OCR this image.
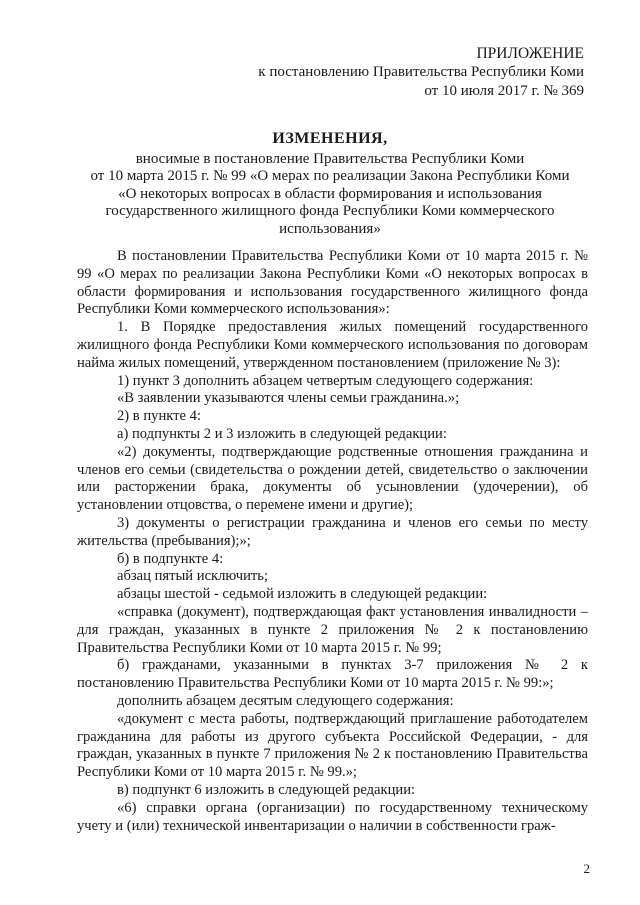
ПРИЛОЖЕНИЕ
к постановлению Правительства Республики Коми
от 10 июля 2017 г. № 369
ИЗМЕНЕНИЯ,
вносимые в постановление Правительства Республики Коми
от 10 марта 2015 г. № 99 «О мерах по реализации Закона Республики Коми
«О некоторых вопросах в области формирования и использования
государственного жилищного фонда Республики Коми коммерческого
использования»

В постановлении Правительства Республики Коми от 10 марта 2015 г. № 99 «О мерах по реализации Закона Республики Коми «О некоторых вопросах в области формирования и использования государственного жилищного фонда Республики Коми коммерческого использования»:

1. В Порядке предоставления жилых помещений государственного жилищного фонда Республики Коми коммерческого использования по договорам найма жилых помещений, утвержденном постановлением (приложение № 3):

1) пункт 3 дополнить абзацем четвертым следующего содержания:

«В заявлении указываются члены семьи гражданина.»;

2) в пункте 4:

а) подпункты 2 и 3 изложить в следующей редакции:

«2) документы, подтверждающие родственные отношения гражданина и членов его семьи (свидетельства о рождении детей, свидетельство о заключении или расторжении брака, документы об усыновлении (удочерении), об установлении отцовства, о перемене имени и другие);

3) документы о регистрации гражданина и членов его семьи по месту жительства (пребывания);»;

б) в подпункте 4:

абзац пятый исключить;

абзацы шестой - седьмой изложить в следующей редакции:

«справка (документ), подтверждающая факт установления инвалидности – для граждан, указанных в пункте 2 приложения № 2 к постановлению Правительства Республики Коми от 10 марта 2015 г. № 99;

б) гражданами, указанными в пунктах 3-7 приложения № 2 к постановлению Правительства Республики Коми от 10 марта 2015 г. № 99:»;

дополнить абзацем десятым следующего содержания:

«документ с места работы, подтверждающий приглашение работодателем гражданина для работы из другого субъекта Российской Федерации, - для граждан, указанных в пункте 7 приложения № 2 к постановлению Правительства Республики Коми от 10 марта 2015 г. № 99.»;

в) подпункт 6 изложить в следующей редакции:

«6) справки органа (организации) по государственному техническому учету и (или) технической инвентаризации о наличии в собственности граж-

2
